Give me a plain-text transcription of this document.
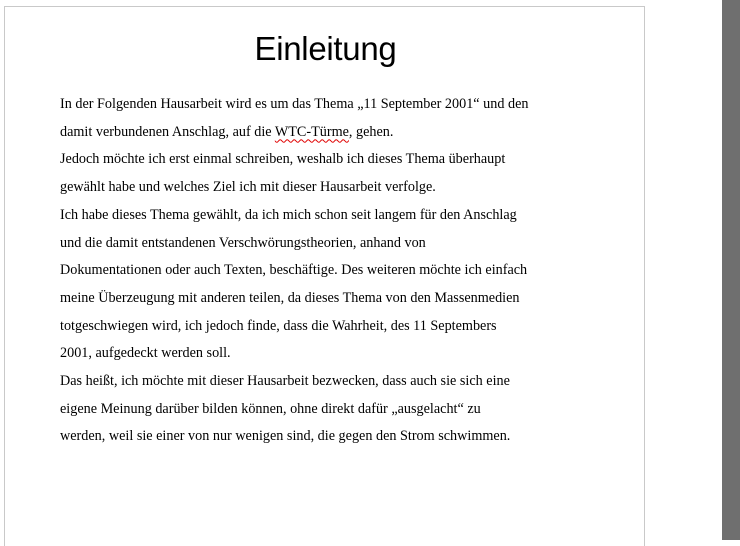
Einleitung
In der Folgenden Hausarbeit wird es um das Thema „11 September 2001“ und den
damit verbundenen Anschlag, auf die WTC-Türme, gehen.
Jedoch möchte ich erst einmal schreiben, weshalb ich dieses Thema überhaupt
gewählt habe und welches Ziel ich mit dieser Hausarbeit verfolge.
Ich habe dieses Thema gewählt, da ich mich schon seit langem für den Anschlag
und die damit entstandenen Verschwörungstheorien, anhand von
Dokumentationen oder auch Texten, beschäftige. Des weiteren möchte ich einfach
meine Überzeugung mit anderen teilen, da dieses Thema von den Massenmedien
totgeschwiegen wird, ich jedoch finde, dass die Wahrheit, des 11 Septembers
2001, aufgedeckt werden soll.
Das heißt, ich möchte mit dieser Hausarbeit bezwecken, dass auch sie sich eine
eigene Meinung darüber bilden können, ohne direkt dafür „ausgelacht“ zu
werden, weil sie einer von nur wenigen sind, die gegen den Strom schwimmen.
